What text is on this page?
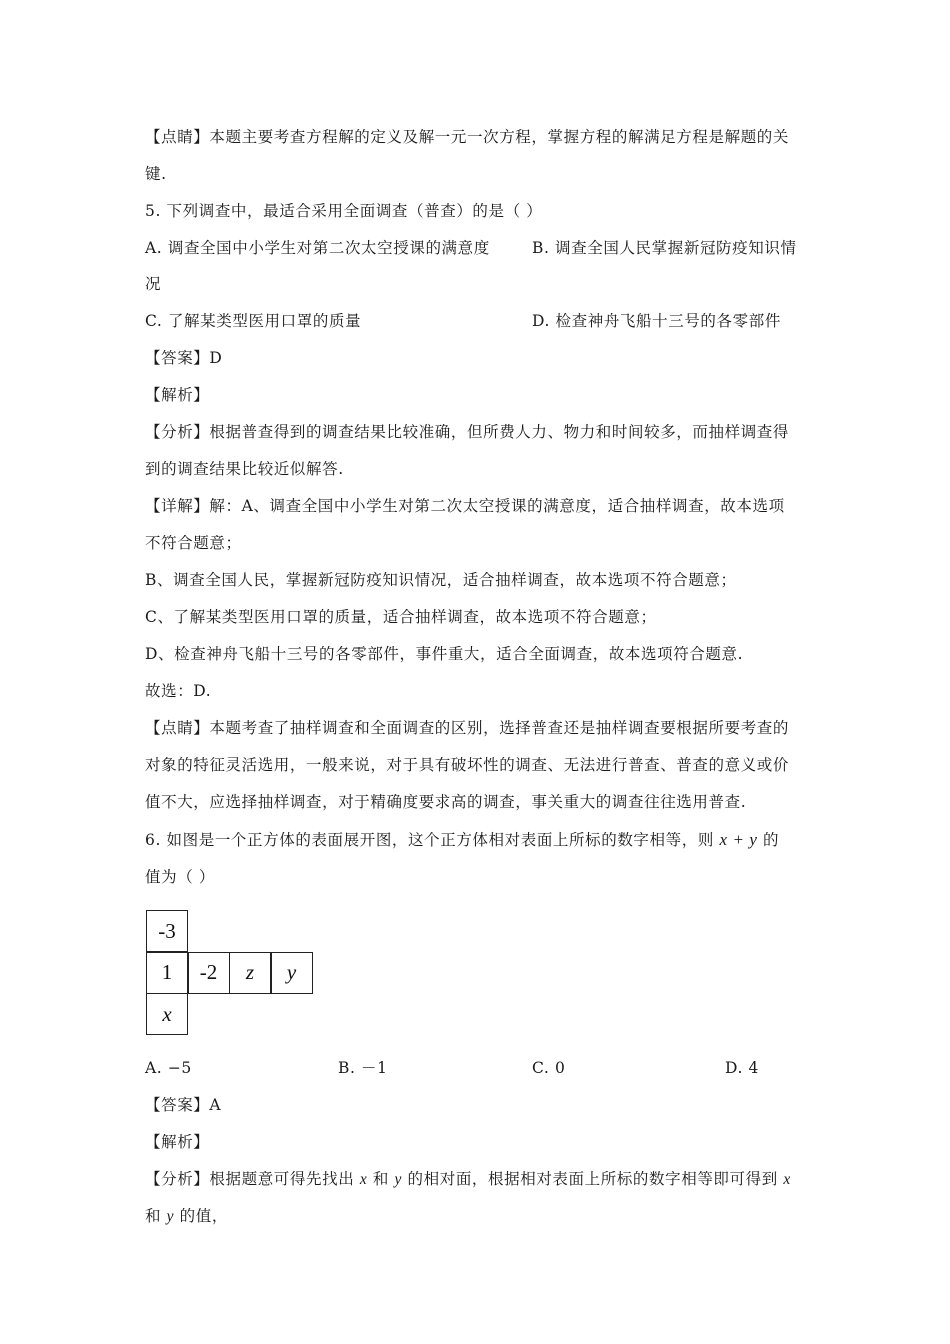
【点睛】本题主要考查方程解的定义及解一元一次方程，掌握方程的解满足方程是解题的关
键.
5. 下列调查中，最适合采用全面调查（普查）的是（ ）
A. 调查全国中小学生对第二次太空授课的满意度	B. 调查全国人民掌握新冠防疫知识情
况
C. 了解某类型医用口罩的质量	D. 检查神舟飞船十三号的各零部件
【答案】D
【解析】
【分析】根据普查得到的调查结果比较准确，但所费人力、物力和时间较多，而抽样调查得
到的调查结果比较近似解答.
【详解】解：A、调查全国中小学生对第二次太空授课的满意度，适合抽样调查，故本选项
不符合题意；
B、调查全国人民，掌握新冠防疫知识情况，适合抽样调查，故本选项不符合题意；
C、了解某类型医用口罩的质量，适合抽样调查，故本选项不符合题意；
D、检查神舟飞船十三号的各零部件，事件重大，适合全面调查，故本选项符合题意.
故选：D.
【点睛】本题考查了抽样调查和全面调查的区别，选择普查还是抽样调查要根据所要考查的
对象的特征灵活选用，一般来说，对于具有破坏性的调查、无法进行普查、普查的意义或价
值不大，应选择抽样调查，对于精确度要求高的调查，事关重大的调查往往选用普查.
6. 如图是一个正方体的表面展开图，这个正方体相对表面上所标的数字相等，则 x + y 的
值为（ ）
-3
1	-2	z	y
x
A. −5	B. －1	C. 0	D. 4
【答案】A
【解析】
【分析】根据题意可得先找出 x 和 y 的相对面，根据相对表面上所标的数字相等即可得到 x
和 y 的值，
